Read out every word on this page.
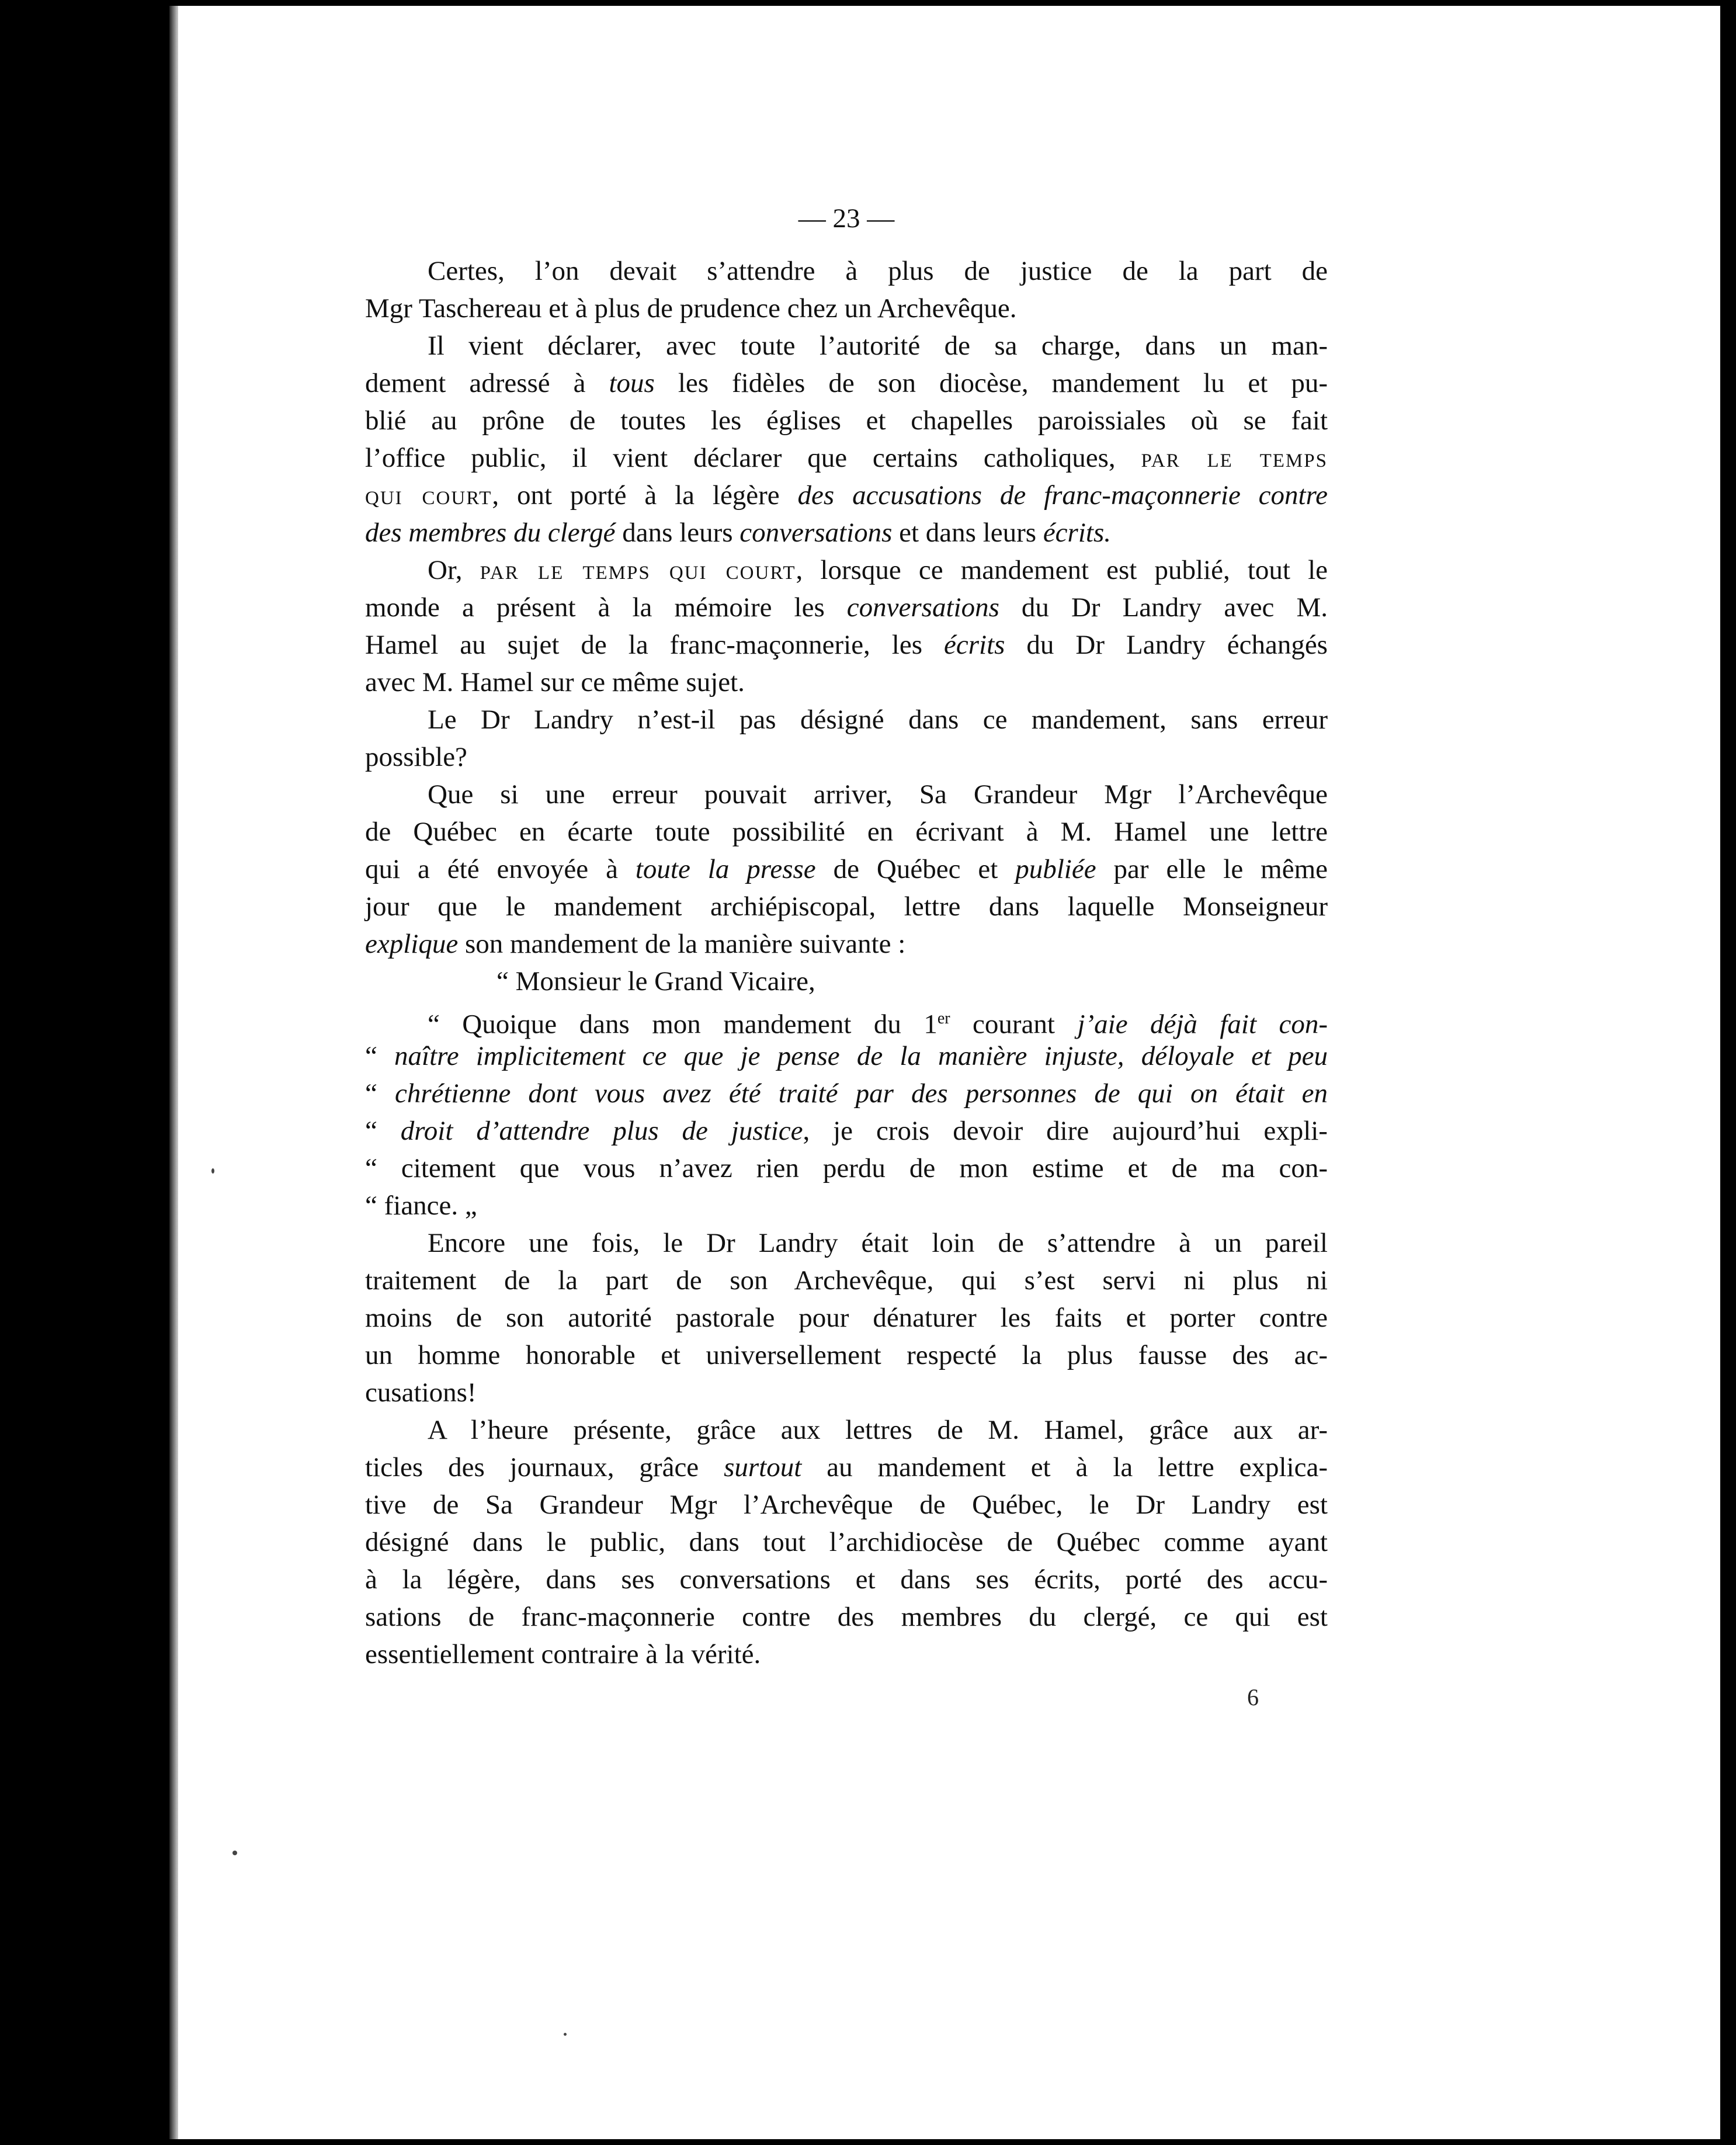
— 23 —
Certes, l’on devait s’attendre à plus de justice de la part de
Mgr Taschereau et à plus de prudence chez un Archevêque.
Il vient déclarer, avec toute l’autorité de sa charge, dans un man-
dement adressé à tous les fidèles de son diocèse, mandement lu et pu-
blié au prône de toutes les églises et chapelles paroissiales où se fait
l’office public, il vient déclarer que certains catholiques, par le temps
qui court, ont porté à la légère des accusations de franc-maçonnerie contre
des membres du clergé dans leurs conversations et dans leurs écrits.
Or, par le temps qui court, lorsque ce mandement est publié, tout le
monde a présent à la mémoire les conversations du Dr Landry avec M.
Hamel au sujet de la franc-maçonnerie, les écrits du Dr Landry échangés
avec M. Hamel sur ce même sujet.
Le Dr Landry n’est-il pas désigné dans ce mandement, sans erreur
possible?
Que si une erreur pouvait arriver, Sa Grandeur Mgr l’Archevêque
de Québec en écarte toute possibilité en écrivant à M. Hamel une lettre
qui a été envoyée à toute la presse de Québec et publiée par elle le même
jour que le mandement archiépiscopal, lettre dans laquelle Monseigneur
explique son mandement de la manière suivante :
“ Monsieur le Grand Vicaire,
“ Quoique dans mon mandement du 1er courant j’aie déjà fait con-
“ naître implicitement ce que je pense de la manière injuste, déloyale et peu
“ chrétienne dont vous avez été traité par des personnes de qui on était en
“ droit d’attendre plus de justice, je crois devoir dire aujourd’hui expli-
“ citement que vous n’avez rien perdu de mon estime et de ma con-
“ fiance. „
Encore une fois, le Dr Landry était loin de s’attendre à un pareil
traitement de la part de son Archevêque, qui s’est servi ni plus ni
moins de son autorité pastorale pour dénaturer les faits et porter contre
un homme honorable et universellement respecté la plus fausse des ac-
cusations!
A l’heure présente, grâce aux lettres de M. Hamel, grâce aux ar-
ticles des journaux, grâce surtout au mandement et à la lettre explica-
tive de Sa Grandeur Mgr l’Archevêque de Québec, le Dr Landry est
désigné dans le public, dans tout l’archidiocèse de Québec comme ayant
à la légère, dans ses conversations et dans ses écrits, porté des accu-
sations de franc-maçonnerie contre des membres du clergé, ce qui est
essentiellement contraire à la vérité.
6
